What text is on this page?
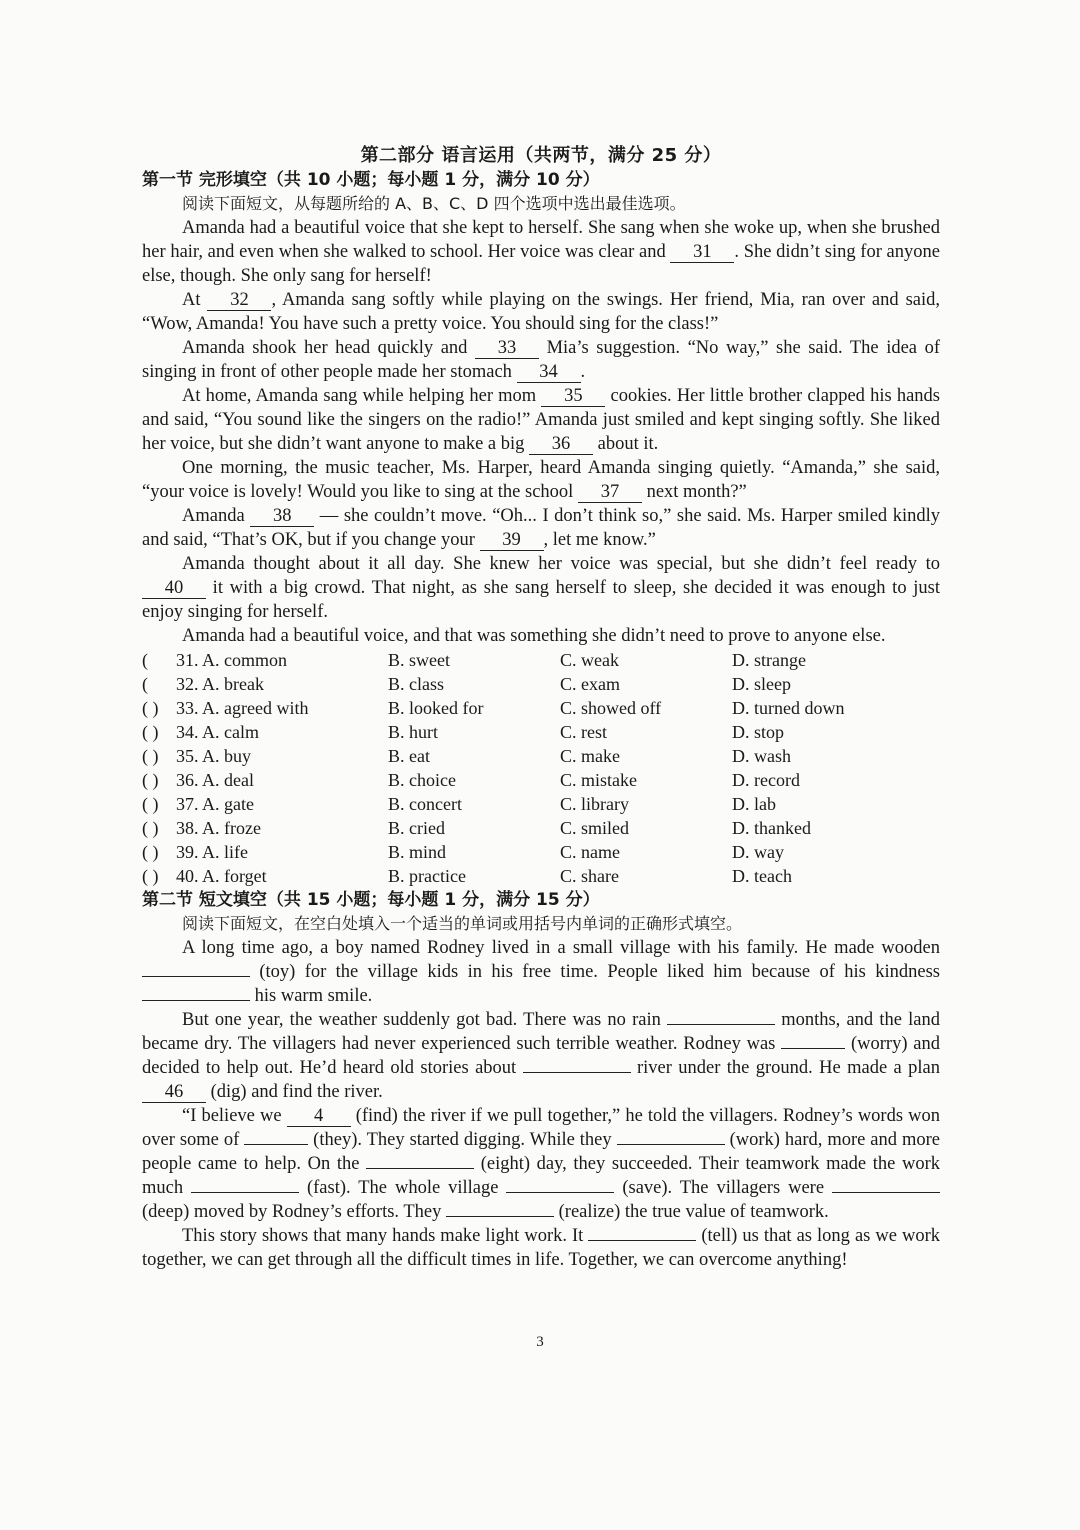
第二部分 语言运用（共两节，满分 25 分）

第一节 完形填空（共 10 小题；每小题 1 分，满分 10 分）

阅读下面短文，从每题所给的 A、B、C、D 四个选项中选出最佳选项。

Amanda had a beautiful voice that she kept to herself. She sang when she woke up, when she brushed her hair, and even when she walked to school. Her voice was clear and 31 . She didn’t sing for anyone else, though. She only sang for herself!

At 32 , Amanda sang softly while playing on the swings. Her friend, Mia, ran over and said, “Wow, Amanda! You have such a pretty voice. You should sing for the class!”

Amanda shook her head quickly and 33 Mia’s suggestion. “No way,” she said. The idea of singing in front of other people made her stomach 34 .

At home, Amanda sang while helping her mom 35 cookies. Her little brother clapped his hands and said, “You sound like the singers on the radio!” Amanda just smiled and kept singing softly. She liked her voice, but she didn’t want anyone to make a big 36 about it.

One morning, the music teacher, Ms. Harper, heard Amanda singing quietly. “Amanda,” she said, “your voice is lovely! Would you like to sing at the school 37 next month?”

Amanda 38 — she couldn’t move. “Oh... I don’t think so,” she said. Ms. Harper smiled kindly and said, “That’s OK, but if you change your 39 , let me know.”

Amanda thought about it all day. She knew her voice was special, but she didn’t feel ready to 40 it with a big crowd. That night, as she sang herself to sleep, she decided it was enough to just enjoy singing for herself.

Amanda had a beautiful voice, and that was something she didn’t need to prove to anyone else.

( 31. A. common	B. sweet	C. weak	D. strange
( 32. A. break	B. class	C. exam	D. sleep
( ) 33. A. agreed with	B. looked for	C. showed off	D. turned down
( ) 34. A. calm	B. hurt	C. rest	D. stop
( ) 35. A. buy	B. eat	C. make	D. wash
( ) 36. A. deal	B. choice	C. mistake	D. record
( ) 37. A. gate	B. concert	C. library	D. lab
( ) 38. A. froze	B. cried	C. smiled	D. thanked
( ) 39. A. life	B. mind	C. name	D. way
( ) 40. A. forget	B. practice	C. share	D. teach

第二节 短文填空（共 15 小题；每小题 1 分，满分 15 分）

阅读下面短文，在空白处填入一个适当的单词或用括号内单词的正确形式填空。

A long time ago, a boy named Rodney lived in a small village with his family. He made wooden  (toy) for the village kids in his free time. People liked him because of his kindness  his warm smile.

But one year, the weather suddenly got bad. There was no rain	months, and the land became dry. The villagers had never experienced such terrible weather. Rodney was	(worry) and decided to help out. He’d heard old stories about	river under the ground. He made a plan 46 (dig) and find the river.

“I believe we 4 (find) the river if we pull together,” he told the villagers. Rodney’s words won over some of	(they). They started digging. While they	(work) hard, more and more people came to help. On the	(eight) day, they succeeded. Their teamwork made the work much	(fast). The whole village	(save). The villagers were  (deep) moved by Rodney’s efforts. They	(realize) the true value of teamwork.

This story shows that many hands make light work. It	(tell) us that as long as we work together, we can get through all the difficult times in life. Together, we can overcome anything!

3
